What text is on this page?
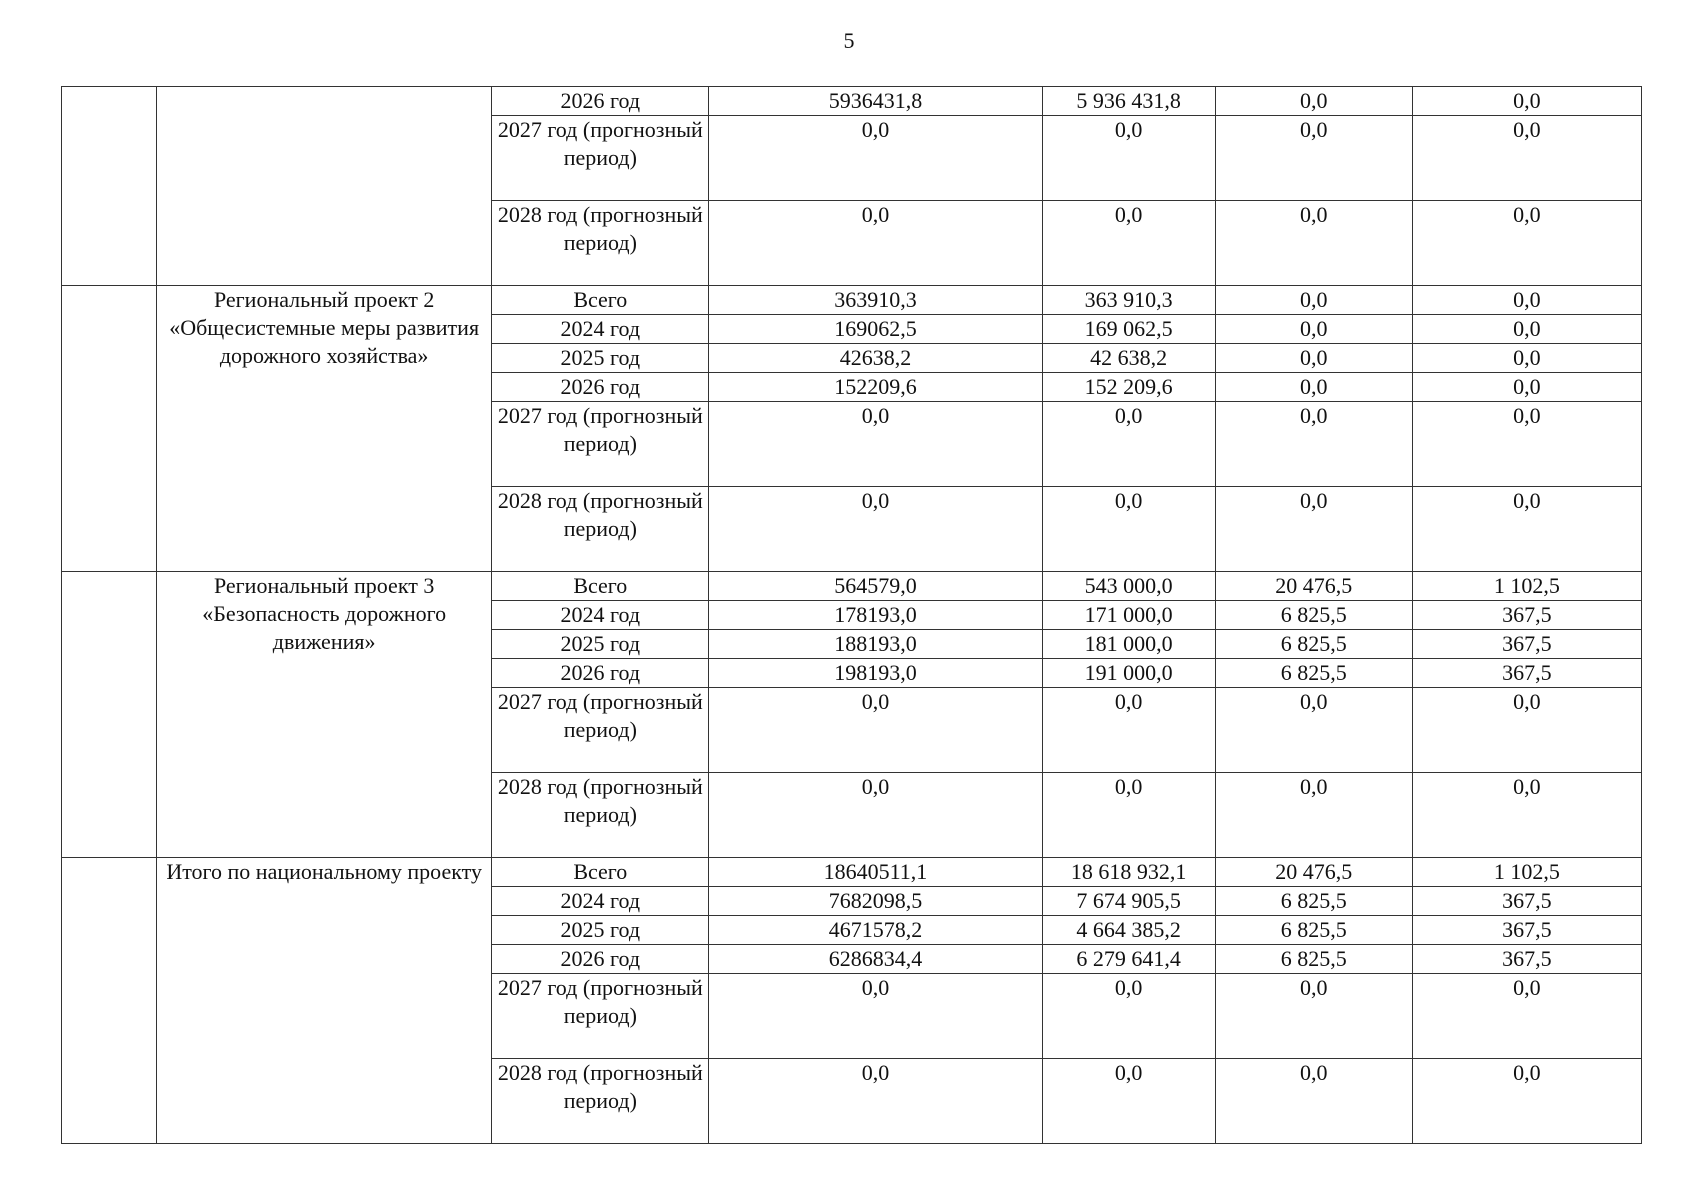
5
		2026 год	5936431,8	5 936 431,8	0,0	0,0
		2027 год (прогнозный период)	0,0	0,0	0,0	0,0
		2028 год (прогнозный период)	0,0	0,0	0,0	0,0
	Региональный проект 2 «Общесистемные меры развития дорожного хозяйства»	Всего	363910,3	363 910,3	0,0	0,0
		2024 год	169062,5	169 062,5	0,0	0,0
		2025 год	42638,2	42 638,2	0,0	0,0
		2026 год	152209,6	152 209,6	0,0	0,0
		2027 год (прогнозный период)	0,0	0,0	0,0	0,0
		2028 год (прогнозный период)	0,0	0,0	0,0	0,0
	Региональный проект 3 «Безопасность дорожного движения»	Всего	564579,0	543 000,0	20 476,5	1 102,5
		2024 год	178193,0	171 000,0	6 825,5	367,5
		2025 год	188193,0	181 000,0	6 825,5	367,5
		2026 год	198193,0	191 000,0	6 825,5	367,5
		2027 год (прогнозный период)	0,0	0,0	0,0	0,0
		2028 год (прогнозный период)	0,0	0,0	0,0	0,0
	Итого по национальному проекту	Всего	18640511,1	18 618 932,1	20 476,5	1 102,5
		2024 год	7682098,5	7 674 905,5	6 825,5	367,5
		2025 год	4671578,2	4 664 385,2	6 825,5	367,5
		2026 год	6286834,4	6 279 641,4	6 825,5	367,5
		2027 год (прогнозный период)	0,0	0,0	0,0	0,0
		2028 год (прогнозный период)	0,0	0,0	0,0	0,0
